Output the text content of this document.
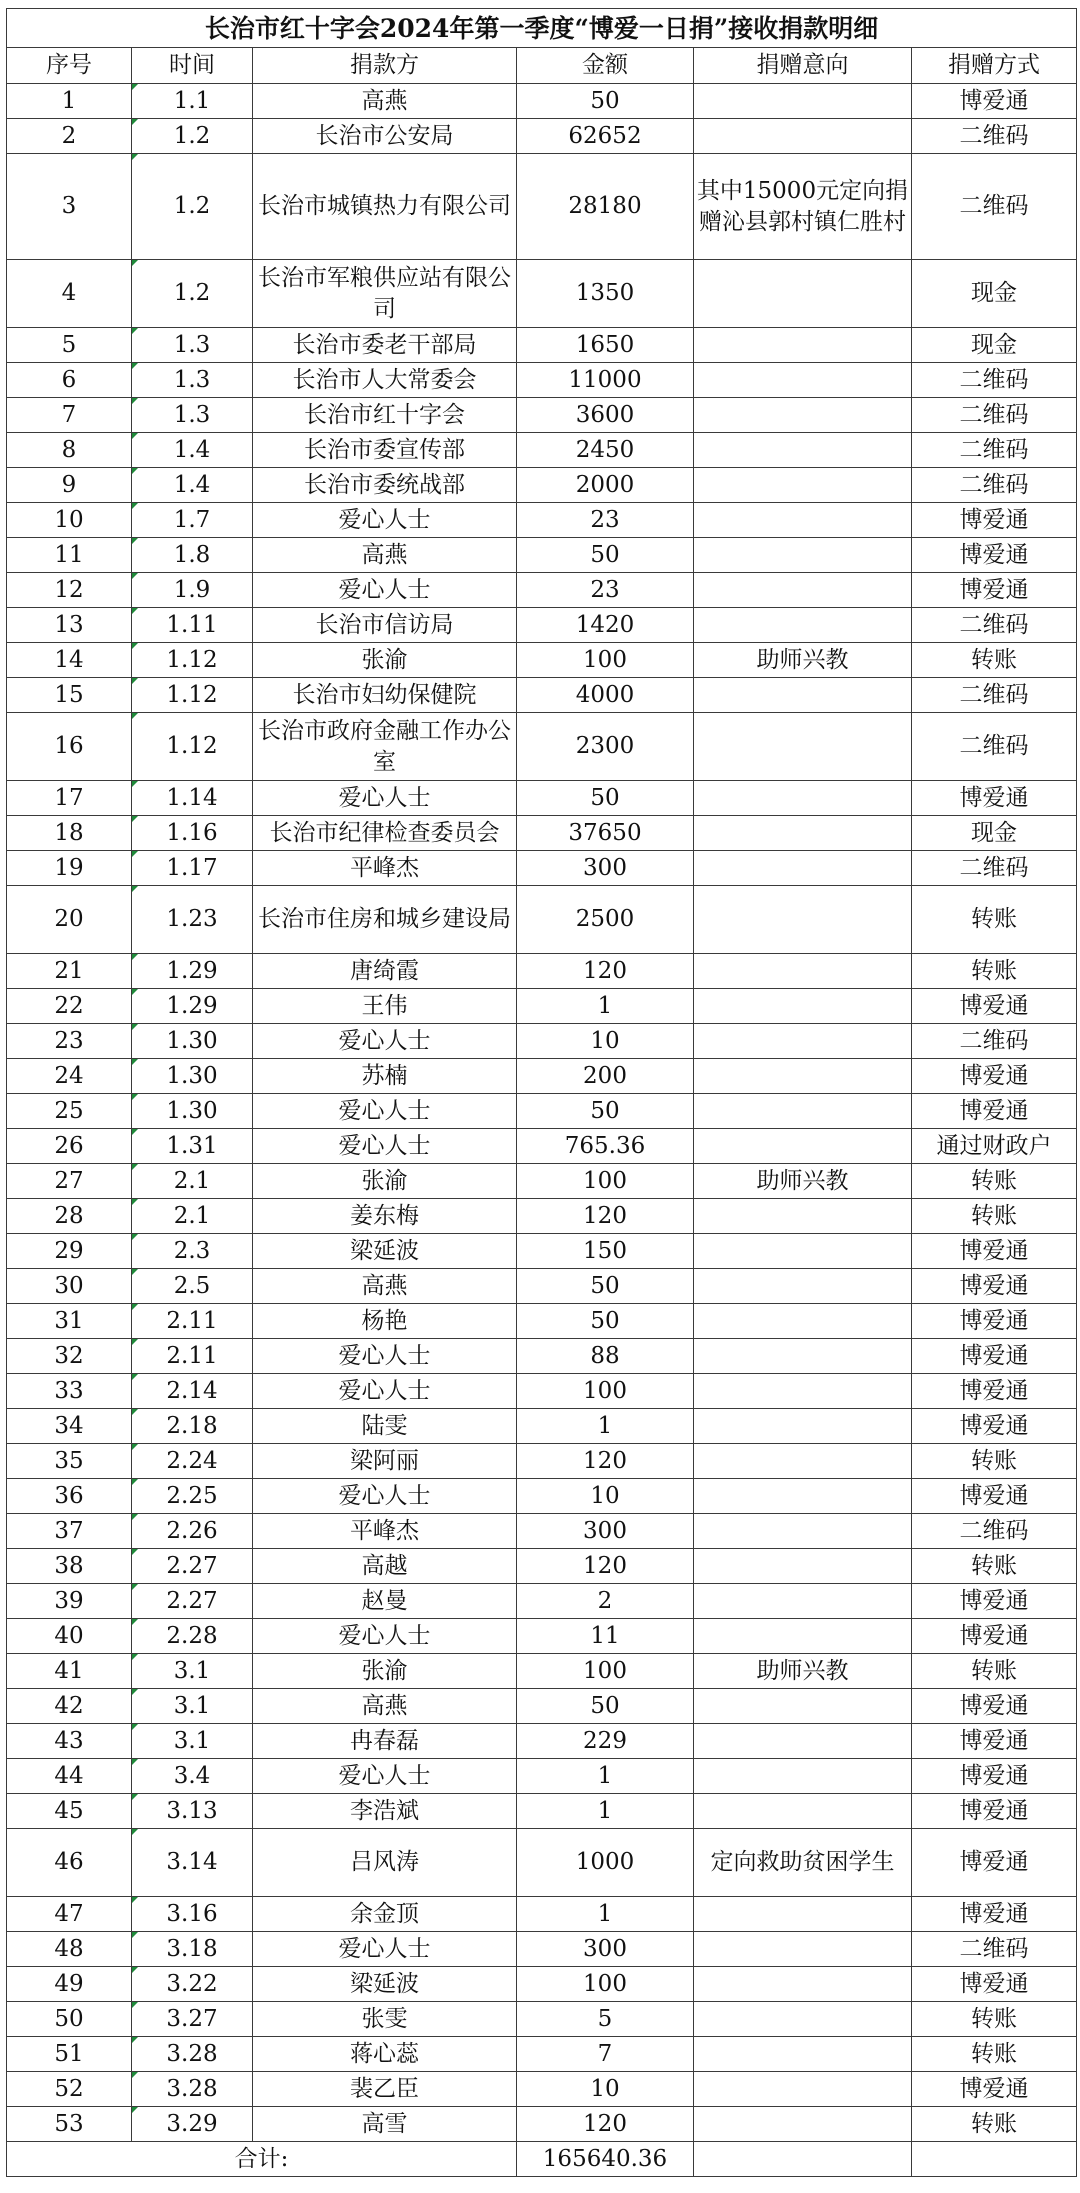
长治市红十字会2024年第一季度“博爱一日捐”接收捐款明细					
序号	时间	捐款方	金额	捐赠意向	捐赠方式
1	1.1	高燕	50		博爱通
2	1.2	长治市公安局	62652		二维码
3	1.2	长治市城镇热力有限公司	28180	其中15000元定向捐赠沁县郭村镇仁胜村	二维码
4	1.2	长治市军粮供应站有限公司	1350		现金
5	1.3	长治市委老干部局	1650		现金
6	1.3	长治市人大常委会	11000		二维码
7	1.3	长治市红十字会	3600		二维码
8	1.4	长治市委宣传部	2450		二维码
9	1.4	长治市委统战部	2000		二维码
10	1.7	爱心人士	23		博爱通
11	1.8	高燕	50		博爱通
12	1.9	爱心人士	23		博爱通
13	1.11	长治市信访局	1420		二维码
14	1.12	张渝	100	助师兴教	转账
15	1.12	长治市妇幼保健院	4000		二维码
16	1.12	长治市政府金融工作办公室	2300		二维码
17	1.14	爱心人士	50		博爱通
18	1.16	长治市纪律检查委员会	37650		现金
19	1.17	平峰杰	300		二维码
20	1.23	长治市住房和城乡建设局	2500		转账
21	1.29	唐绮霞	120		转账
22	1.29	王伟	1		博爱通
23	1.30	爱心人士	10		二维码
24	1.30	苏楠	200		博爱通
25	1.30	爱心人士	50		博爱通
26	1.31	爱心人士	765.36		通过财政户
27	2.1	张渝	100	助师兴教	转账
28	2.1	姜东梅	120		转账
29	2.3	梁延波	150		博爱通
30	2.5	高燕	50		博爱通
31	2.11	杨艳	50		博爱通
32	2.11	爱心人士	88		博爱通
33	2.14	爱心人士	100		博爱通
34	2.18	陆雯	1		博爱通
35	2.24	梁阿丽	120		转账
36	2.25	爱心人士	10		博爱通
37	2.26	平峰杰	300		二维码
38	2.27	高越	120		转账
39	2.27	赵曼	2		博爱通
40	2.28	爱心人士	11		博爱通
41	3.1	张渝	100	助师兴教	转账
42	3.1	高燕	50		博爱通
43	3.1	冉春磊	229		博爱通
44	3.4	爱心人士	1		博爱通
45	3.13	李浩斌	1		博爱通
46	3.14	吕风涛	1000	定向救助贫困学生	博爱通
47	3.16	余金顶	1		博爱通
48	3.18	爱心人士	300		二维码
49	3.22	梁延波	100		博爱通
50	3.27	张雯	5		转账
51	3.28	蒋心蕊	7		转账
52	3.28	裴乙臣	10		博爱通
53	3.29	高雪	120		转账
合计:			165640.36		
